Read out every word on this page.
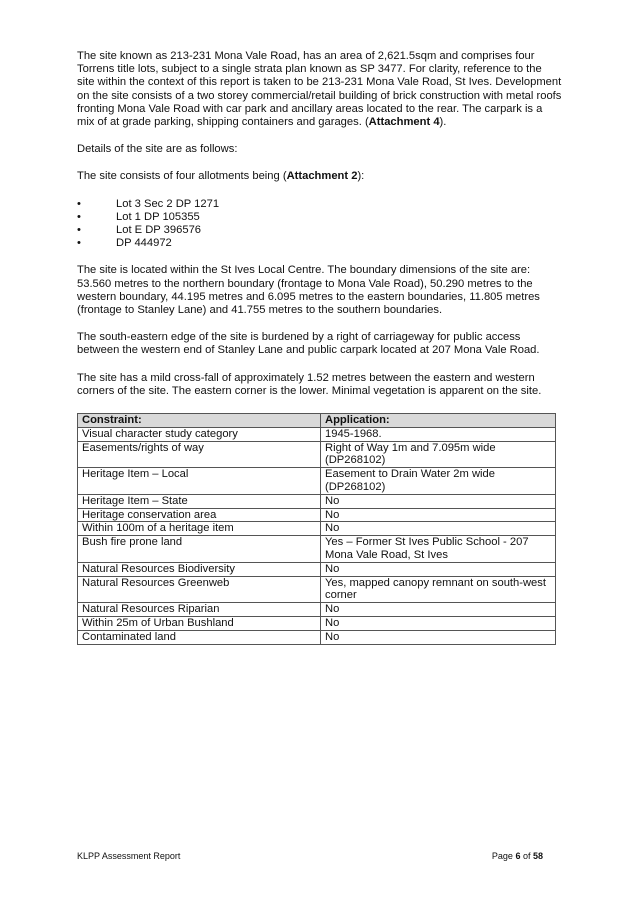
The site known as 213-231 Mona Vale Road, has an area of 2,621.5sqm and comprises four Torrens title lots, subject to a single strata plan known as SP 3477. For clarity, reference to the site within the context of this report is taken to be 213-231 Mona Vale Road, St Ives. Development on the site consists of a two storey commercial/retail building of brick construction with metal roofs fronting Mona Vale Road with car park and ancillary areas located to the rear. The carpark is a mix of at grade parking, shipping containers and garages. (Attachment 4).

Details of the site are as follows:

The site consists of four allotments being (Attachment 2):

•	Lot 3 Sec 2 DP 1271
•	Lot 1 DP 105355
•	Lot E DP 396576
•	DP 444972

The site is located within the St Ives Local Centre. The boundary dimensions of the site are: 53.560 metres to the northern boundary (frontage to Mona Vale Road), 50.290 metres to the western boundary, 44.195 metres and 6.095 metres to the eastern boundaries, 11.805 metres (frontage to Stanley Lane) and 41.755 metres to the southern boundaries.

The south-eastern edge of the site is burdened by a right of carriageway for public access between the western end of Stanley Lane and public carpark located at 207 Mona Vale Road.

The site has a mild cross-fall of approximately 1.52 metres between the eastern and western corners of the site. The eastern corner is the lower. Minimal vegetation is apparent on the site.

Constraint:	Application:
Visual character study category	1945-1968.
Easements/rights of way	Right of Way 1m and 7.095m wide (DP268102)
Heritage Item – Local	Easement to Drain Water 2m wide (DP268102)
Heritage Item – State	No
Heritage conservation area	No
Within 100m of a heritage item	No
Bush fire prone land	Yes – Former St Ives Public School - 207 Mona Vale Road, St Ives
Natural Resources Biodiversity	No
Natural Resources Greenweb	Yes, mapped canopy remnant on south-west corner
Natural Resources Riparian	No
Within 25m of Urban Bushland	No
Contaminated land	No
KLPP Assessment Report	Page 6 of 58
